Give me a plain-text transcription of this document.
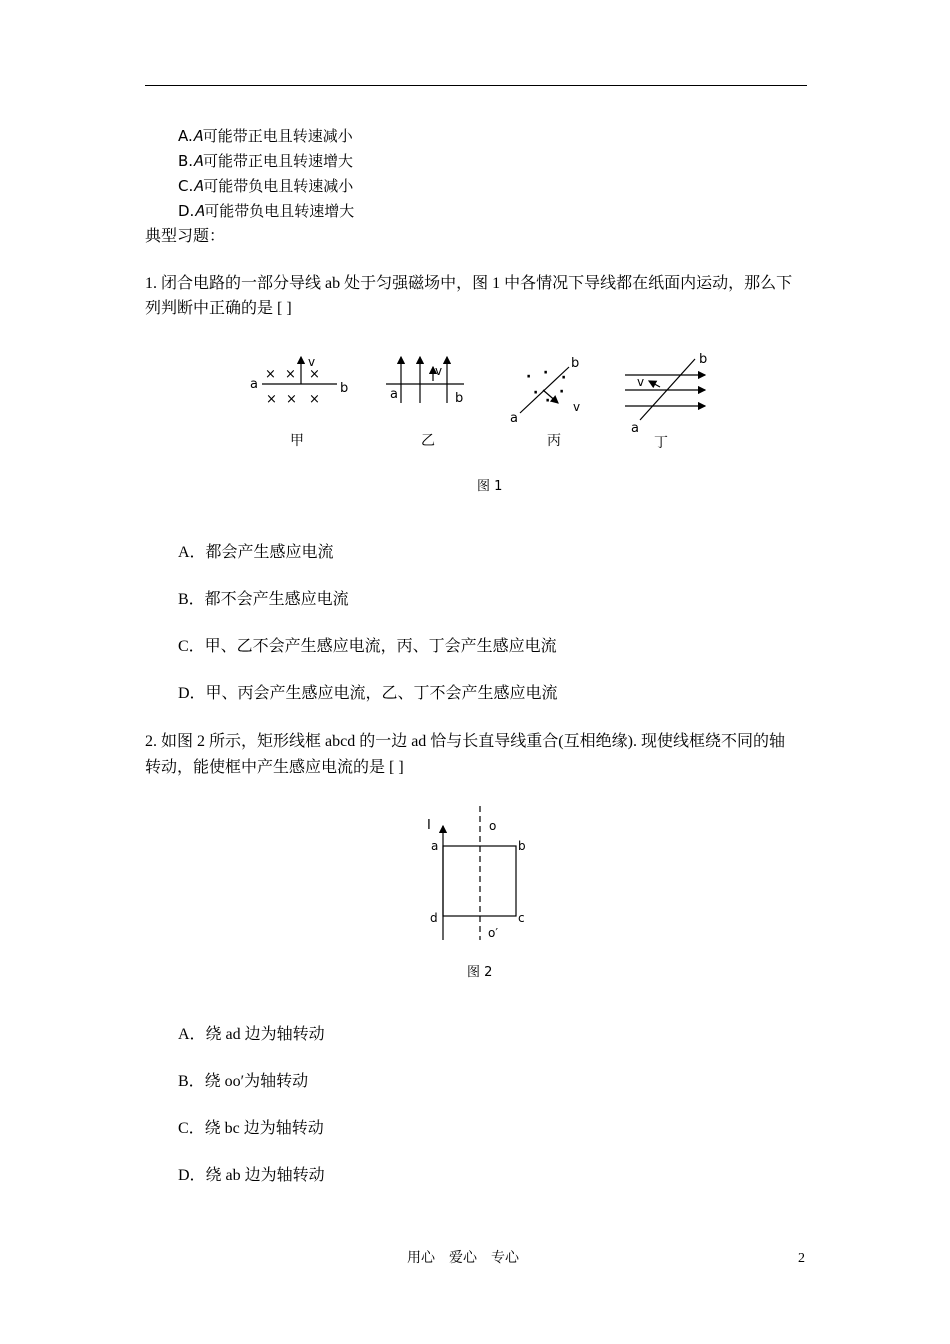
A.𝐴可能带正电且转速减小
B.𝐴可能带正电且转速增大
C.𝐴可能带负电且转速减小
D.𝐴可能带负电且转速增大
典型习题：
1. 闭合电路的一部分导线 ab 处于匀强磁场中，图 1 中各情况下导线都在纸面内运动，那么下
列判断中正确的是 [ ]
v
a	b
× × ×
× × ×
甲
v
a	b
乙
v
a
b
· · ·
· ·
·
丙
v
a
b
丁
图 1
A．都会产生感应电流
B．都不会产生感应电流
C．甲、乙不会产生感应电流，丙、丁会产生感应电流
D．甲、丙会产生感应电流，乙、丁不会产生感应电流
2. 如图 2 所示，矩形线框 abcd 的一边 ad 恰与长直导线重合(互相绝缘). 现使线框绕不同的轴
转动，能使框中产生感应电流的是 [ ]
I	o
o′
a	b
c
d
图 2
A．绕 ad 边为轴转动
B．绕 oo′为轴转动
C．绕 bc 边为轴转动
D．绕 ab 边为轴转动
用心　爱心　专心	2
